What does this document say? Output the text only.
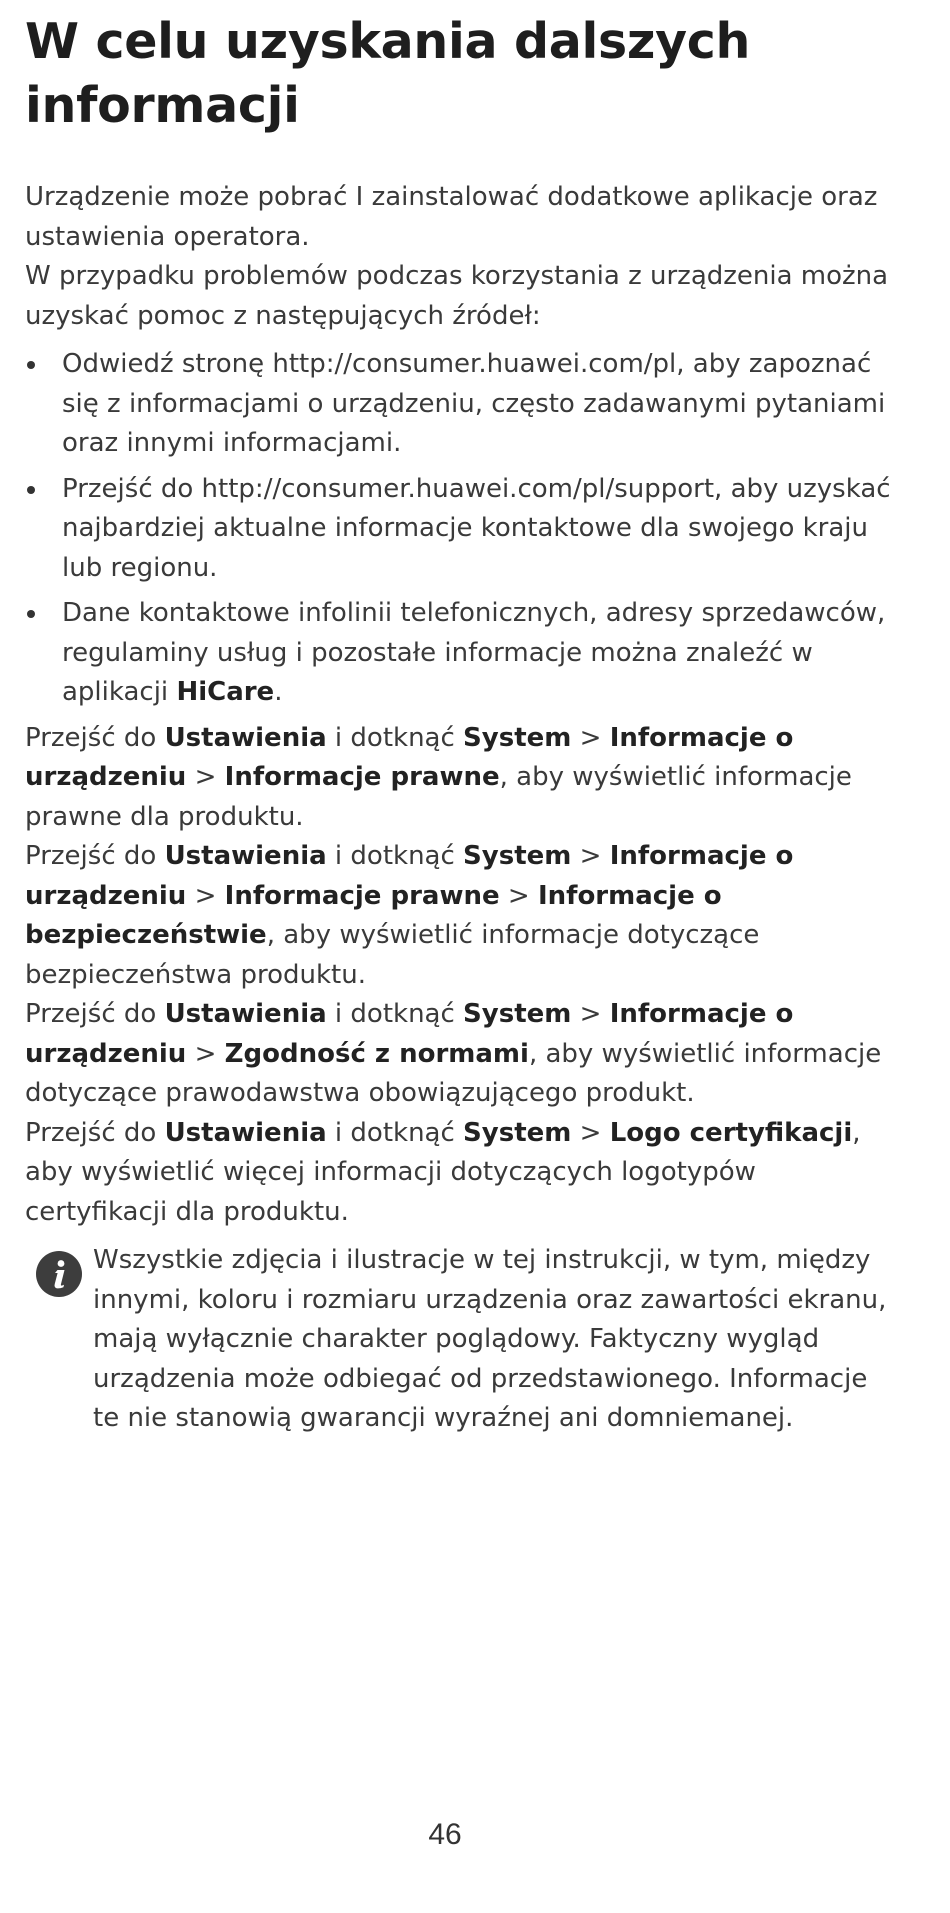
W celu uzyskania dalszych informacji

Urządzenie może pobrać I zainstalować dodatkowe aplikacje oraz ustawienia operatora.

W przypadku problemów podczas korzystania z urządzenia można uzyskać pomoc z następujących źródeł:

Odwiedź stronę http://consumer.huawei.com/pl, aby zapoznać się z informacjami o urządzeniu, często zadawanymi pytaniami oraz innymi informacjami.
Przejść do http://consumer.huawei.com/pl/support, aby uzyskać najbardziej aktualne informacje kontaktowe dla swojego kraju lub regionu.
Dane kontaktowe infolinii telefonicznych, adresy sprzedawców, regulaminy usług i pozostałe informacje można znaleźć w aplikacji HiCare.

Przejść do Ustawienia i dotknąć System > Informacje o urządzeniu > Informacje prawne, aby wyświetlić informacje prawne dla produktu.

Przejść do Ustawienia i dotknąć System > Informacje o urządzeniu > Informacje prawne > Informacje o bezpieczeństwie, aby wyświetlić informacje dotyczące bezpieczeństwa produktu.

Przejść do Ustawienia i dotknąć System > Informacje o urządzeniu > Zgodność z normami, aby wyświetlić informacje dotyczące prawodawstwa obowiązującego produkt.

Przejść do Ustawienia i dotknąć System > Logo certyfikacji, aby wyświetlić więcej informacji dotyczących logotypów certyfikacji dla produktu.

Wszystkie zdjęcia i ilustracje w tej instrukcji, w tym, między innymi, koloru i rozmiaru urządzenia oraz zawartości ekranu, mają wyłącznie charakter poglądowy. Faktyczny wygląd urządzenia może odbiegać od przedstawionego. Informacje te nie stanowią gwarancji wyraźnej ani domniemanej.

46
